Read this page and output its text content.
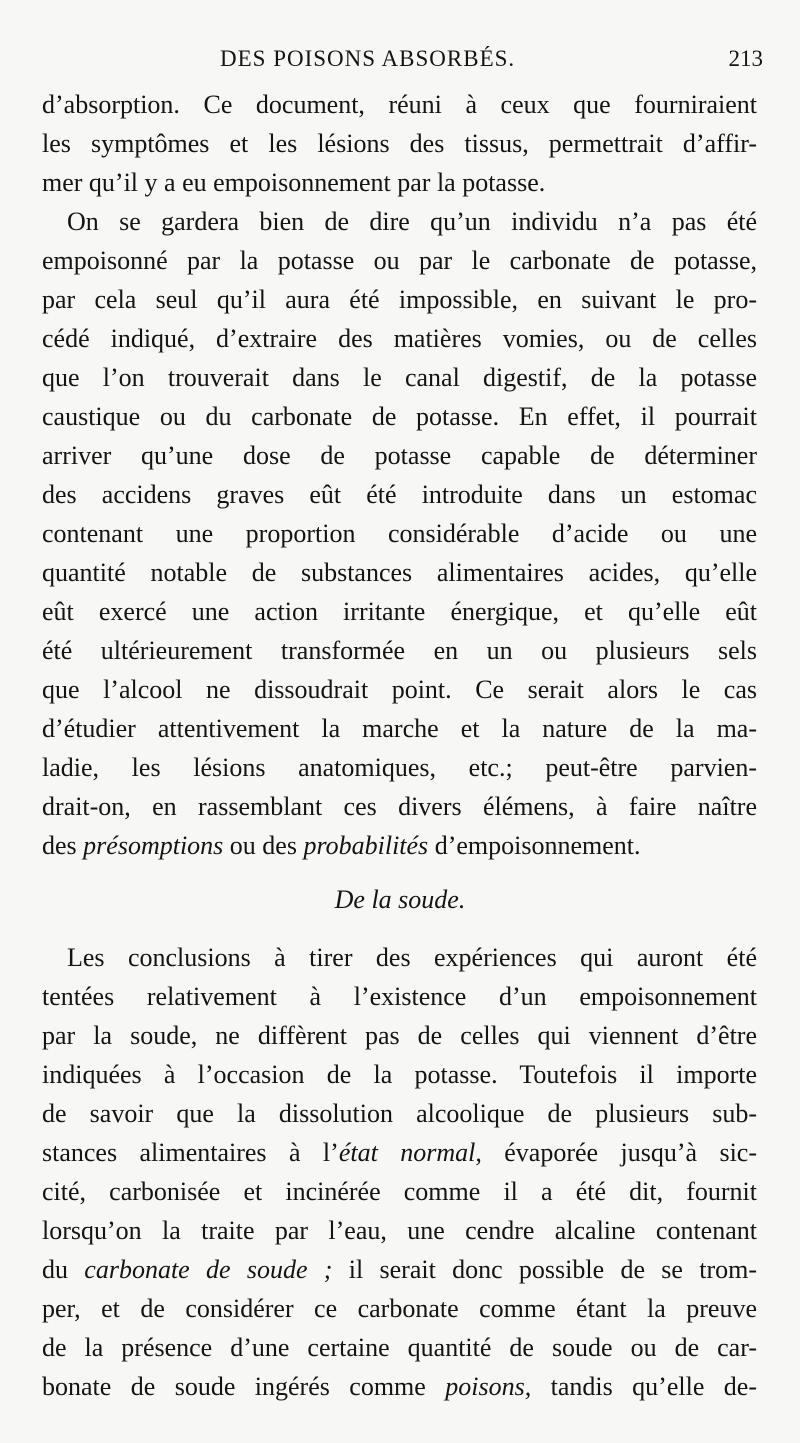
DES POISONS ABSORBÉS.	213
d’absorption. Ce document, réuni à ceux que fourniraient
les symptômes et les lésions des tissus, permettrait d’affir-
mer qu’il y a eu empoisonnement par la potasse.
On se gardera bien de dire qu’un individu n’a pas été
empoisonné par la potasse ou par le carbonate de potasse,
par cela seul qu’il aura été impossible, en suivant le pro-
cédé indiqué, d’extraire des matières vomies, ou de celles
que l’on trouverait dans le canal digestif, de la potasse
caustique ou du carbonate de potasse. En effet, il pourrait
arriver qu’une dose de potasse capable de déterminer
des accidens graves eût été introduite dans un estomac
contenant une proportion considérable d’acide ou une
quantité notable de substances alimentaires acides, qu’elle
eût exercé une action irritante énergique, et qu’elle eût
été ultérieurement transformée en un ou plusieurs sels
que l’alcool ne dissoudrait point. Ce serait alors le cas
d’étudier attentivement la marche et la nature de la ma-
ladie, les lésions anatomiques, etc.; peut-être parvien-
drait-on, en rassemblant ces divers élémens, à faire naître
des présomptions ou des probabilités d’empoisonnement.
De la soude.
Les conclusions à tirer des expériences qui auront été
tentées relativement à l’existence d’un empoisonnement
par la soude, ne diffèrent pas de celles qui viennent d’être
indiquées à l’occasion de la potasse. Toutefois il importe
de savoir que la dissolution alcoolique de plusieurs sub-
stances alimentaires à l’état normal, évaporée jusqu’à sic-
cité, carbonisée et incinérée comme il a été dit, fournit
lorsqu’on la traite par l’eau, une cendre alcaline contenant
du carbonate de soude ; il serait donc possible de se trom-
per, et de considérer ce carbonate comme étant la preuve
de la présence d’une certaine quantité de soude ou de car-
bonate de soude ingérés comme poisons, tandis qu’elle de-
